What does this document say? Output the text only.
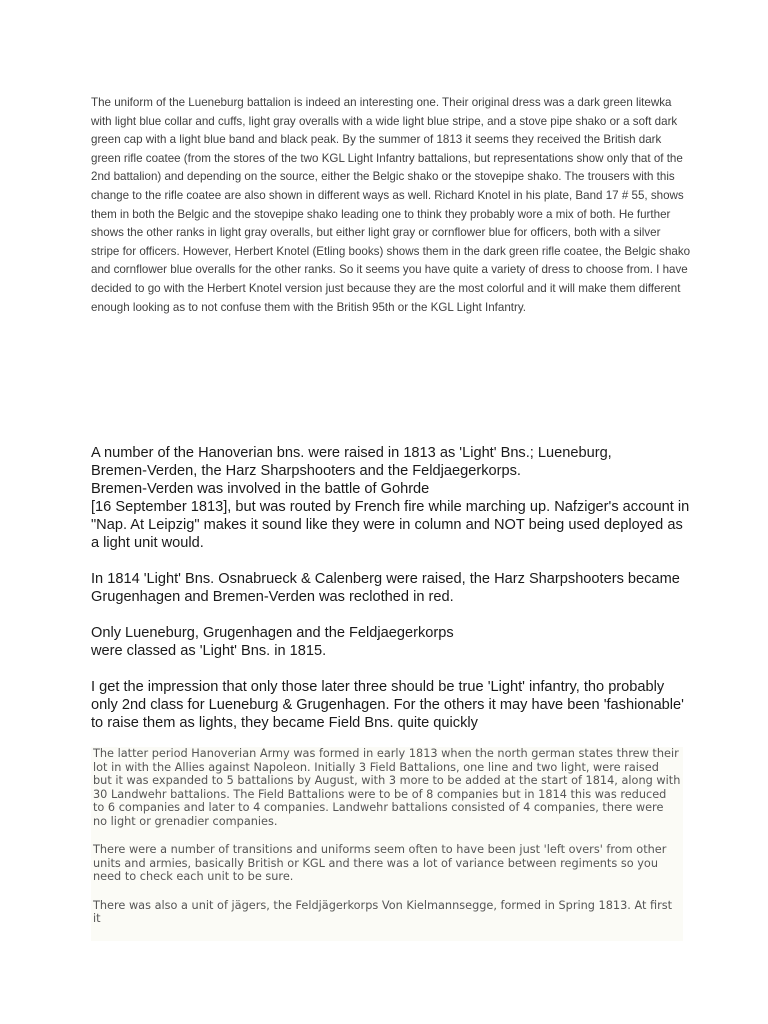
The uniform of the Lueneburg battalion is indeed an interesting one. Their original dress was a dark green litewka with light blue collar and cuffs, light gray overalls with a wide light blue stripe, and a stove pipe shako or a soft dark green cap with a light blue band and black peak. By the summer of 1813 it seems they received the British dark green rifle coatee (from the stores of the two KGL Light Infantry battalions, but representations show only that of the 2nd battalion) and depending on the source, either the Belgic shako or the stovepipe shako. The trousers with this change to the rifle coatee are also shown in different ways as well. Richard Knotel in his plate, Band 17 # 55, shows them in both the Belgic and the stovepipe shako leading one to think they probably wore a mix of both. He further shows the other ranks in light gray overalls, but either light gray or cornflower blue for officers, both with a silver stripe for officers. However, Herbert Knotel (Etling books) shows them in the dark green rifle coatee, the Belgic shako and cornflower blue overalls for the other ranks. So it seems you have quite a variety of dress to choose from. I have decided to go with the Herbert Knotel version just because they are the most colorful and it will make them different enough looking as to not confuse them with the British 95th or the KGL Light Infantry.

A number of the Hanoverian bns. were raised in 1813 as 'Light' Bns.; Lueneburg,
Bremen-Verden, the Harz Sharpshooters and the Feldjaegerkorps.
Bremen-Verden was involved in the battle of Gohrde
[16 September 1813], but was routed by French fire while marching up. Nafziger's account in "Nap. At Leipzig" makes it sound like they were in column and NOT being used deployed as a light unit would.

In 1814 'Light' Bns. Osnabrueck & Calenberg were raised, the Harz Sharpshooters became Grugenhagen and Bremen-Verden was reclothed in red.

Only Lueneburg, Grugenhagen and the Feldjaegerkorps
were classed as 'Light' Bns. in 1815.

I get the impression that only those later three should be true 'Light' infantry, tho probably only 2nd class for Lueneburg & Grugenhagen. For the others it may have been 'fashionable' to raise them as lights, they became Field Bns. quite quickly

The latter period Hanoverian Army was formed in early 1813 when the north german states threw their lot in with the Allies against Napoleon. Initially 3 Field Battalions, one line and two light, were raised but it was expanded to 5 battalions by August, with 3 more to be added at the start of 1814, along with 30 Landwehr battalions. The Field Battalions were to be of 8 companies but in 1814 this was reduced to 6 companies and later to 4 companies. Landwehr battalions consisted of 4 companies, there were no light or grenadier companies.

There were a number of transitions and uniforms seem often to have been just 'left overs' from other units and armies, basically British or KGL and there was a lot of variance between regiments so you need to check each unit to be sure.

There was also a unit of jägers, the Feldjägerkorps Von Kielmannsegge, formed in Spring 1813. At first it
